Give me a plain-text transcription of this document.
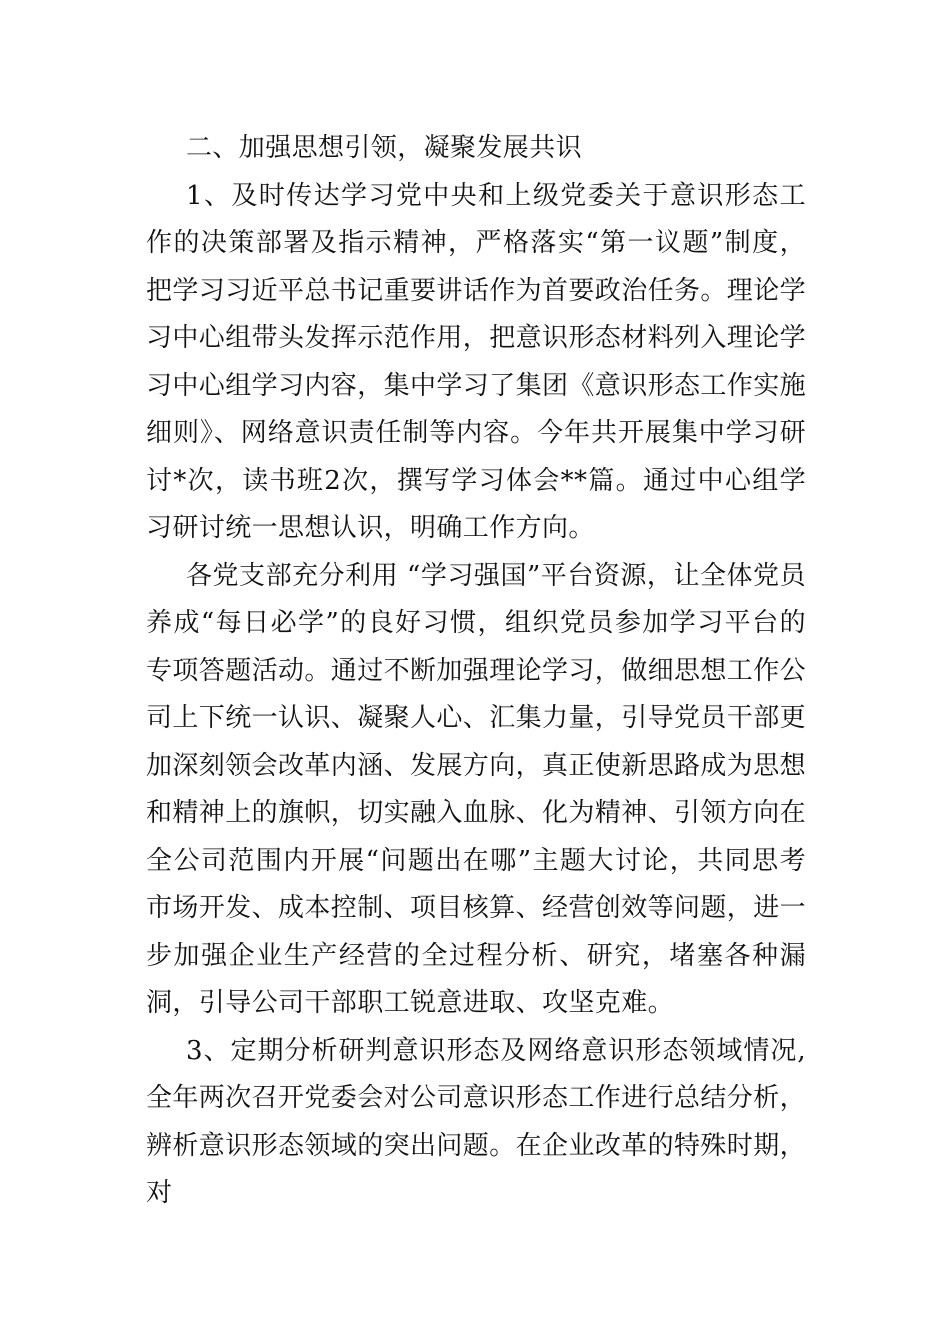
二、加强思想引领，凝聚发展共识

1、及时传达学习党中央和上级党委关于意识形态工作的决策部署及指示精神，严格落实“第一议题”制度，把学习习近平总书记重要讲话作为首要政治任务。理论学习中心组带头发挥示范作用，把意识形态材料列入理论学习中心组学习内容，集中学习了集团《意识形态工作实施细则》、网络意识责任制等内容。今年共开展集中学习研讨*次，读书班2次，撰写学习体会**篇。通过中心组学习研讨统一思想认识，明确工作方向。

各党支部充分利用 “学习强国”平台资源，让全体党员养成“每日必学”的良好习惯，组织党员参加学习平台的专项答题活动。通过不断加强理论学习，做细思想工作公司上下统一认识、凝聚人心、汇集力量，引导党员干部更加深刻领会改革内涵、发展方向，真正使新思路成为思想和精神上的旗帜，切实融入血脉、化为精神、引领方向在全公司范围内开展“问题出在哪”主题大讨论，共同思考市场开发、成本控制、项目核算、经营创效等问题，进一步加强企业生产经营的全过程分析、研究，堵塞各种漏洞，引导公司干部职工锐意进取、攻坚克难。

3、定期分析研判意识形态及网络意识形态领域情况,全年两次召开党委会对公司意识形态工作进行总结分析，辨析意识形态领域的突出问题。在企业改革的特殊时期，对
